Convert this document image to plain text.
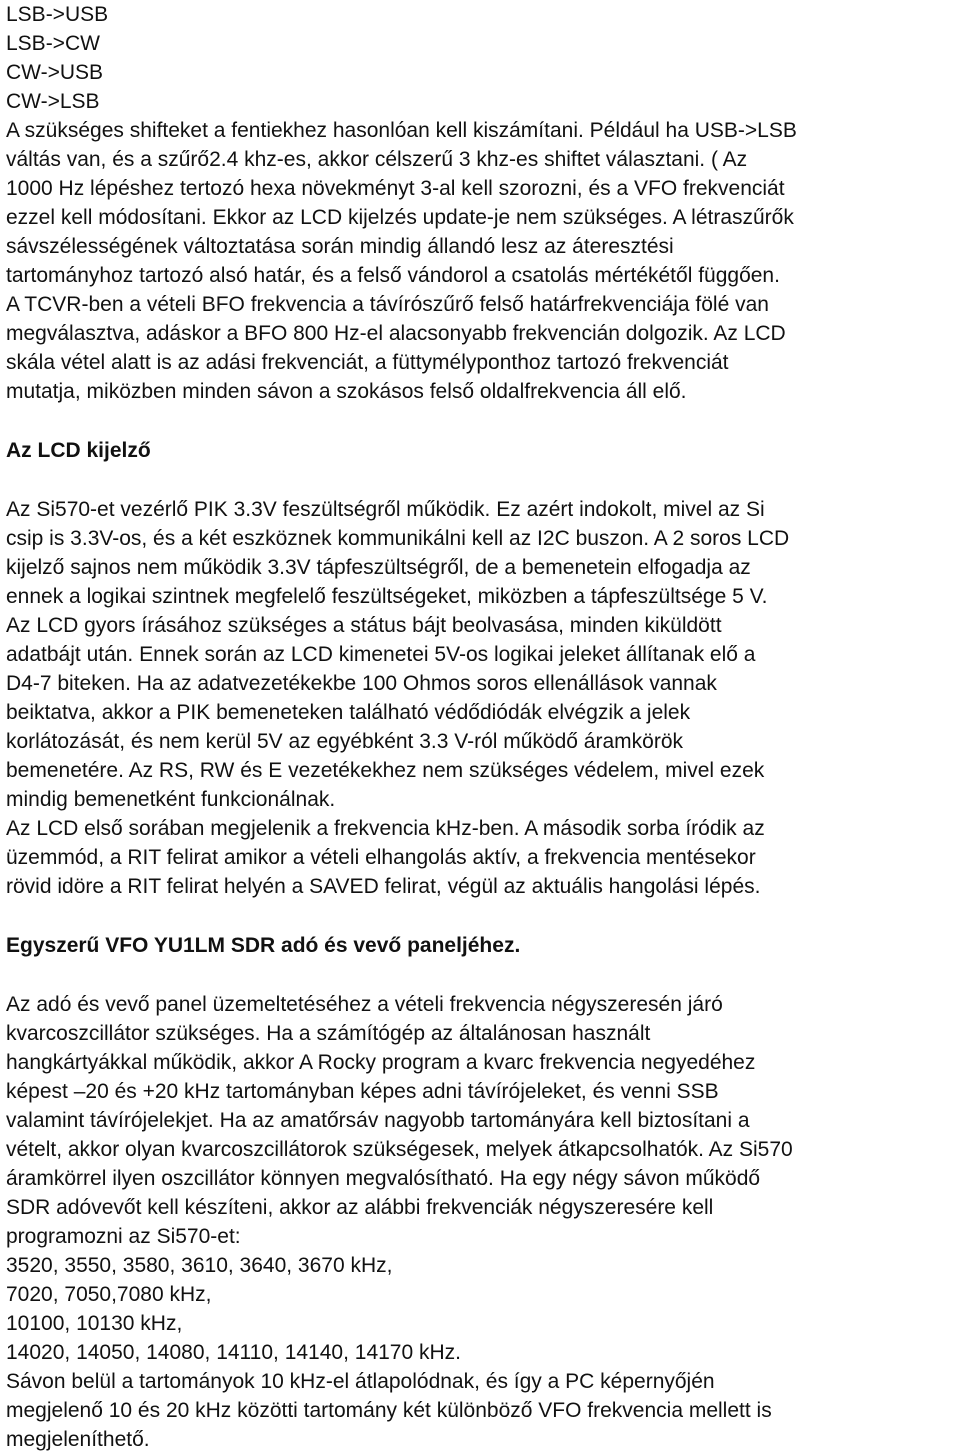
LSB->USB
LSB->CW
CW->USB
CW->LSB
A szükséges shifteket a fentiekhez hasonlóan kell kiszámítani. Például ha USB->LSB
váltás van, és a szűrő2.4 khz-es, akkor célszerű 3 khz-es shiftet választani. ( Az
1000 Hz lépéshez tertozó hexa növekményt 3-al kell szorozni, és a VFO frekvenciát
ezzel kell módosítani. Ekkor az LCD kijelzés update-je nem szükséges. A létraszűrők
sávszélességének változtatása során mindig állandó lesz az áteresztési
tartományhoz tartozó alsó határ, és a felső vándorol a csatolás mértékétől függően.
A TCVR-ben a vételi BFO frekvencia a távírószűrő felső határfrekvenciája fölé van
megválasztva, adáskor a BFO 800 Hz-el alacsonyabb frekvencián dolgozik. Az LCD
skála vétel alatt is az adási frekvenciát, a füttymélyponthoz tartozó frekvenciát
mutatja, miközben minden sávon a szokásos felső oldalfrekvencia áll elő.
Az LCD kijelző
Az Si570-et vezérlő PIK 3.3V feszültségről működik. Ez azért indokolt, mivel az Si
csip is 3.3V-os, és a két eszköznek kommunikálni kell az I2C buszon. A 2 soros LCD
kijelző sajnos nem működik 3.3V tápfeszültségről, de a bemenetein elfogadja az
ennek a logikai szintnek megfelelő feszültségeket, miközben a tápfeszültsége 5 V.
Az LCD gyors írásához szükséges a státus bájt beolvasása, minden kiküldött
adatbájt után. Ennek során az LCD kimenetei 5V-os logikai jeleket állítanak elő a
D4-7 biteken. Ha az adatvezetékekbe 100 Ohmos soros ellenállások vannak
beiktatva, akkor a PIK bemeneteken található védődiódák elvégzik a jelek
korlátozását, és nem kerül 5V az egyébként 3.3 V-ról működő áramkörök
bemenetére. Az RS, RW és E vezetékekhez nem szükséges védelem, mivel ezek
mindig bemenetként funkcionálnak.
Az LCD első sorában megjelenik a frekvencia kHz-ben. A második sorba íródik az
üzemmód, a RIT felirat amikor a vételi elhangolás aktív, a frekvencia mentésekor
rövid idöre a RIT felirat helyén a SAVED felirat, végül az aktuális hangolási lépés.
Egyszerű VFO YU1LM SDR adó és vevő paneljéhez.
Az adó és vevő panel üzemeltetéséhez a vételi frekvencia négyszeresén járó
kvarcoszcillátor szükséges. Ha a számítógép az általánosan használt
hangkártyákkal működik, akkor A Rocky program a kvarc frekvencia negyedéhez
képest –20 és +20 kHz tartományban képes adni távírójeleket, és venni SSB
valamint távírójelekjet. Ha az amatőrsáv nagyobb tartományára kell biztosítani a
vételt, akkor olyan kvarcoszcillátorok szükségesek, melyek átkapcsolhatók. Az Si570
áramkörrel ilyen oszcillátor könnyen megvalósítható. Ha egy négy sávon működő
SDR adóvevőt kell készíteni, akkor az alábbi frekvenciák négyszeresére kell
programozni az Si570-et:
3520, 3550, 3580, 3610, 3640, 3670 kHz,
7020, 7050,7080 kHz,
10100, 10130 kHz,
14020, 14050, 14080, 14110, 14140, 14170 kHz.
Sávon belül a tartományok 10 kHz-el átlapolódnak, és így a PC képernyőjén
megjelenő 10 és 20 kHz közötti tartomány két különböző VFO frekvencia mellett is
megjeleníthető.
